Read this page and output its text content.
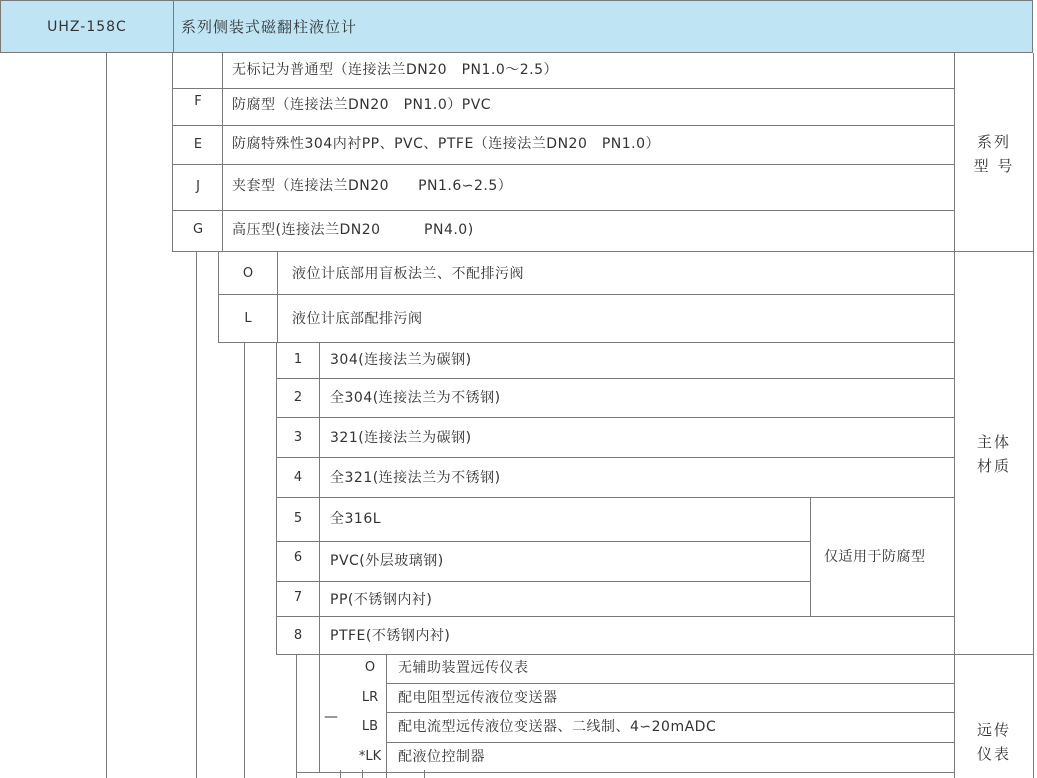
UHZ-158C	系列侧装式磁翻柱液位计
F
E
J
G
无标记为普通型（连接法兰DN20　PN1.0～2.5）
防腐型（连接法兰DN20　PN1.0）PVC
防腐特殊性304内衬PP、PVC、PTFE（连接法兰DN20　PN1.0）
夹套型（连接法兰DN20　　PN1.6∽2.5）
高压型(连接法兰DN20　　　PN4.0)
系列
型 号
O
L
液位计底部用盲板法兰、不配排污阀
液位计底部配排污阀
1
2
3
4
5
6
7
8
304(连接法兰为碳钢)
全304(连接法兰为不锈钢)
321(连接法兰为碳钢)
全321(连接法兰为不锈钢)
全316L
PVC(外层玻璃钢)
PP(不锈钢内衬)
PTFE(不锈钢内衬)
仅适用于防腐型
主体
材质
—
O
LR
LB
*LK
无辅助装置远传仪表
配电阻型远传液位变送器
配电流型远传液位变送器、二线制、4∽20mADC
配液位控制器
远传
仪表
